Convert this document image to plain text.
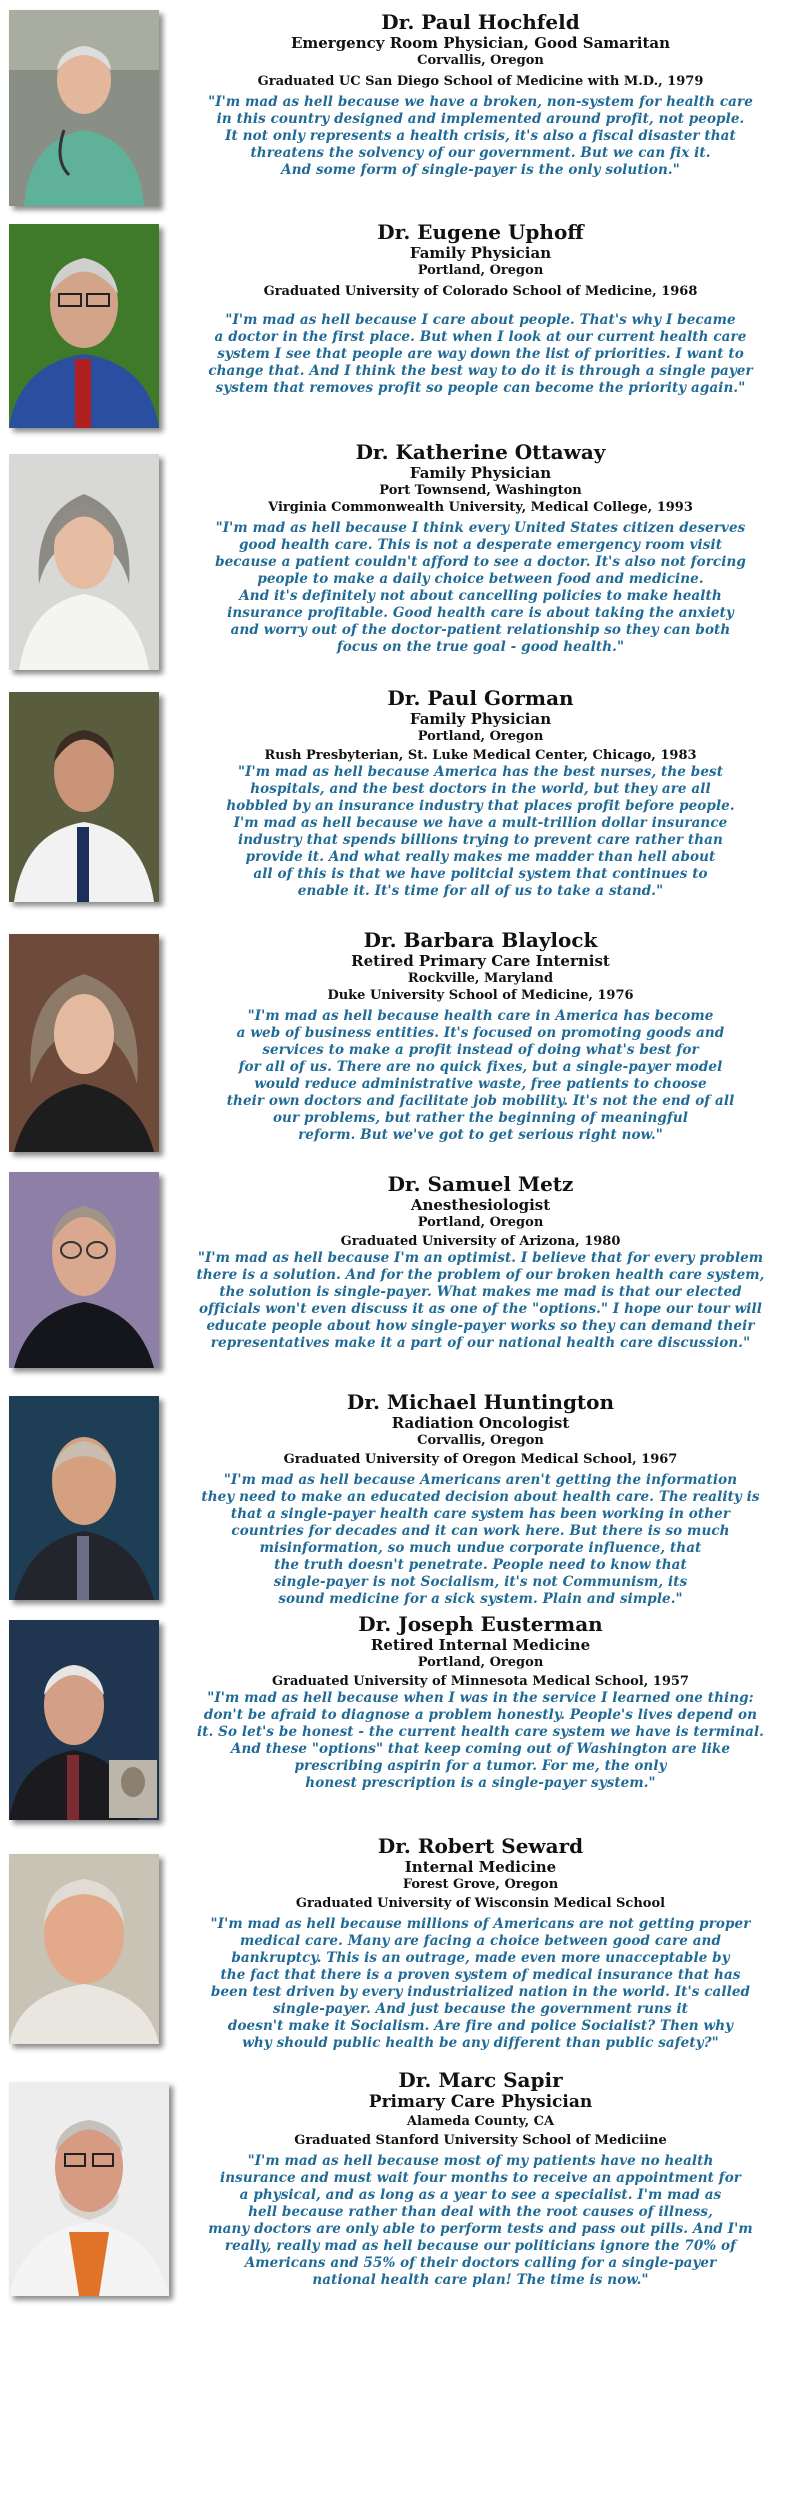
Dr. Paul Hochfeld
Emergency Room Physician, Good Samaritan
Corvallis, Oregon
Graduated UC San Diego School of Medicine with M.D., 1979
"I'm mad as hell because we have a broken, non-system for health care
in this country designed and implemented around profit, not people.
It not only represents a health crisis, it's also a fiscal disaster that
threatens the solvency of our government. But we can fix it.
And some form of single-payer is the only solution."
Dr. Eugene Uphoff
Family Physician
Portland, Oregon
Graduated University of Colorado School of Medicine, 1968
"I'm mad as hell because I care about people. That's why I became
a doctor in the first place. But when I look at our current health care
system I see that people are way down the list of priorities. I want to
change that. And I think the best way to do it is through a single payer
system that removes profit so people can become the priority again."
Dr. Katherine Ottaway
Family Physician
Port Townsend, Washington
Virginia Commonwealth University, Medical College, 1993
"I'm mad as hell because I think every United States citizen deserves
good health care. This is not a desperate emergency room visit
because a patient couldn't afford to see a doctor. It's also not forcing
people to make a daily choice between food and medicine.
And it's definitely not about cancelling policies to make health
insurance profitable. Good health care is about taking the anxiety
and worry out of the doctor-patient relationship so they can both
focus on the true goal - good health."
Dr. Paul Gorman
Family Physician
Portland, Oregon
Rush Presbyterian, St. Luke Medical Center, Chicago, 1983
"I'm mad as hell because America has the best nurses, the best
hospitals, and the best doctors in the world, but they are all
hobbled by an insurance industry that places profit before people.
I'm mad as hell because we have a mult-trillion dollar insurance
industry that spends billions trying to prevent care rather than
provide it. And what really makes me madder than hell about
all of this is that we have politcial system that continues to
enable it. It's time for all of us to take a stand."
Dr. Barbara Blaylock
Retired Primary Care Internist
Rockville, Maryland
Duke University School of Medicine, 1976
"I'm mad as hell because health care in America has become
a web of business entities. It's focused on promoting goods and
services to make a profit instead of doing what's best for
for all of us. There are no quick fixes, but a single-payer model
would reduce administrative waste, free patients to choose
their own doctors and facilitate job mobility. It's not the end of all
our problems, but rather the beginning of meaningful
reform. But we've got to get serious right now."
Dr. Samuel Metz
Anesthesiologist
Portland, Oregon
Graduated University of Arizona, 1980
"I'm mad as hell because I'm an optimist. I believe that for every problem
there is a solution. And for the problem of our broken health care system,
the solution is single-payer. What makes me mad is that our elected
officials won't even discuss it as one of the "options." I hope our tour will
educate people about how single-payer works so they can demand their
representatives make it a part of our national health care discussion."
Dr. Michael Huntington
Radiation Oncologist
Corvallis, Oregon
Graduated University of Oregon Medical School, 1967
"I'm mad as hell because Americans aren't getting the information
they need to make an educated decision about health care. The reality is
that a single-payer health care system has been working in other
countries for decades and it can work here. But there is so much
misinformation, so much undue corporate influence, that
the truth doesn't penetrate. People need to know that
single-payer is not Socialism, it's not Communism, its
sound medicine for a sick system. Plain and simple."
Dr. Joseph Eusterman
Retired Internal Medicine
Portland, Oregon
Graduated University of Minnesota Medical School, 1957
"I'm mad as hell because when I was in the service I learned one thing:
don't be afraid to diagnose a problem honestly. People's lives depend on
it. So let's be honest - the current health care system we have is terminal.
And these "options" that keep coming out of Washington are like
prescribing aspirin for a tumor. For me, the only
honest prescription is a single-payer system."
Dr. Robert Seward
Internal Medicine
Forest Grove, Oregon
Graduated University of Wisconsin Medical School
"I'm mad as hell because millions of Americans are not getting proper
medical care. Many are facing a choice between good care and
bankruptcy. This is an outrage, made even more unacceptable by
the fact that there is a proven system of medical insurance that has
been test driven by every industrialized nation in the world. It's called
single-payer. And just because the government runs it
doesn't make it Socialism. Are fire and police Socialist? Then why
why should public health be any different than public safety?"
Dr. Marc Sapir
Primary Care Physician
Alameda County, CA
Graduated Stanford University School of Mediciine
"I'm mad as hell because most of my patients have no health
insurance and must wait four months to receive an appointment for
a physical, and as long as a year to see a specialist. I'm mad as
hell because rather than deal with the root causes of illness,
many doctors are only able to perform tests and pass out pills. And I'm
really, really mad as hell because our politicians ignore the 70% of
Americans and 55% of their doctors calling for a single-payer
national health care plan! The time is now."
